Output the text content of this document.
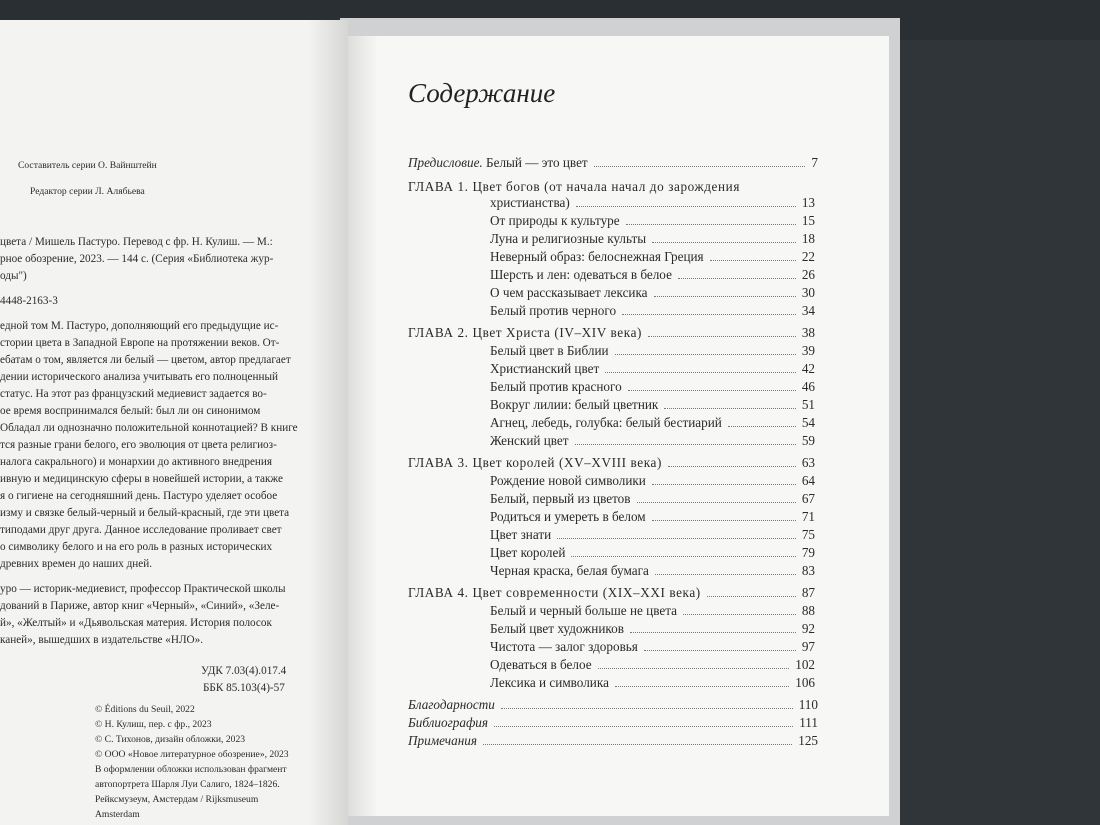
Составитель серии О. Вайнштейн
Редактор серии Л. Алябьева
цвета / Мишель Пастуро. Перевод с фр. Н. Кулиш. — М.:
рное обозрение, 2023. — 144 с. (Серия «Библиотека жур-
оды")
4448-2163-3
едной том М. Пастуро, дополняющий его предыдущие ис-
стории цвета в Западной Европе на протяжении веков. От-
ебатам о том, является ли белый — цветом, автор предлагает
дении исторического анализа учитывать его полноценный
статус. На этот раз французский медиевист задается во-
ое время воспринимался белый: был ли он синонимом
Обладал ли однозначно положительной коннотацией? В книге
тся разные грани белого, его эволюция от цвета религиоз-
налога сакрального) и монархии до активного внедрения
ивную и медицинскую сферы в новейшей истории, а также
я о гигиене на сегодняшний день. Пастуро уделяет особое
изму и связке белый-черный и белый-красный, где эти цвета
типодами друг друга. Данное исследование проливает свет
о символику белого и на его роль в разных исторических
древних времен до наших дней.
уро — историк-медиевист, профессор Практической школы
дований в Париже, автор книг «Черный», «Синий», «Зеле-
й», «Желтый» и «Дьявольская материя. История полосок
каней», вышедших в издательстве «НЛО».
УДК 7.03(4).017.4
ББК 85.103(4)-57
© Éditions du Seuil, 2022
© Н. Кулиш, пер. с фр., 2023
© С. Тихонов, дизайн обложки, 2023
© ООО «Новое литературное обозрение», 2023
В оформлении обложки использован фрагмент
автопортрета Шарля Луи Салиго, 1824–1826.
Рейксмузеум, Амстердам / Rijksmuseum
Amsterdam
Содержание
Предисловие. Белый — это цвет	7
ГЛАВА 1. Цвет богов (от начала начал до зарождения
христианства)	13
От природы к культуре	15
Луна и религиозные культы	18
Неверный образ: белоснежная Греция	22
Шерсть и лен: одеваться в белое	26
О чем рассказывает лексика	30
Белый против черного	34
ГЛАВА 2. Цвет Христа (IV–XIV века)	38
Белый цвет в Библии	39
Христианский цвет	42
Белый против красного	46
Вокруг лилии: белый цветник	51
Агнец, лебедь, голубка: белый бестиарий	54
Женский цвет	59
ГЛАВА 3. Цвет королей (XV–XVIII века)	63
Рождение новой символики	64
Белый, первый из цветов	67
Родиться и умереть в белом	71
Цвет знати	75
Цвет королей	79
Черная краска, белая бумага	83
ГЛАВА 4. Цвет современности (XIX–XXI века)	87
Белый и черный больше не цвета	88
Белый цвет художников	92
Чистота — залог здоровья	97
Одеваться в белое	102
Лексика и символика	106
Благодарности	110
Библиография	111
Примечания	125
